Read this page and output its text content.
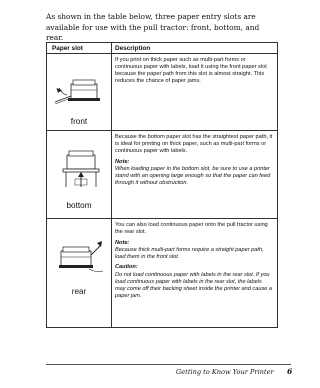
As shown in the table below, three paper entry slots are available for use with the pull tractor: front, bottom, and rear.
Paper slot	Description
front
If you print on thick paper such as multi-part forms or continuous paper with labels, load it using the front paper slot because the paper path from this slot is almost straight. This reduces the chance of paper jams.
bottom

Because the bottom paper slot has the straightest paper path, it is ideal for printing on thick paper, such as multi-part forms or continuous paper with labels.

Note:

When loading paper in the bottom slot, be sure to use a printer stand with an opening large enough so that the paper can feed through it without obstruction.

rear

You can also load continuous paper onto the pull tractor using the rear slot.

Note:

Because thick multi-part forms require a straight paper path, load them in the front slot.

Caution:

Do not load continuous paper with labels in the rear slot. If you load continuous paper with labels in the rear slot, the labels may come off their backing sheet inside the printer and cause a paper jam.

Getting to Know Your Printer 6
